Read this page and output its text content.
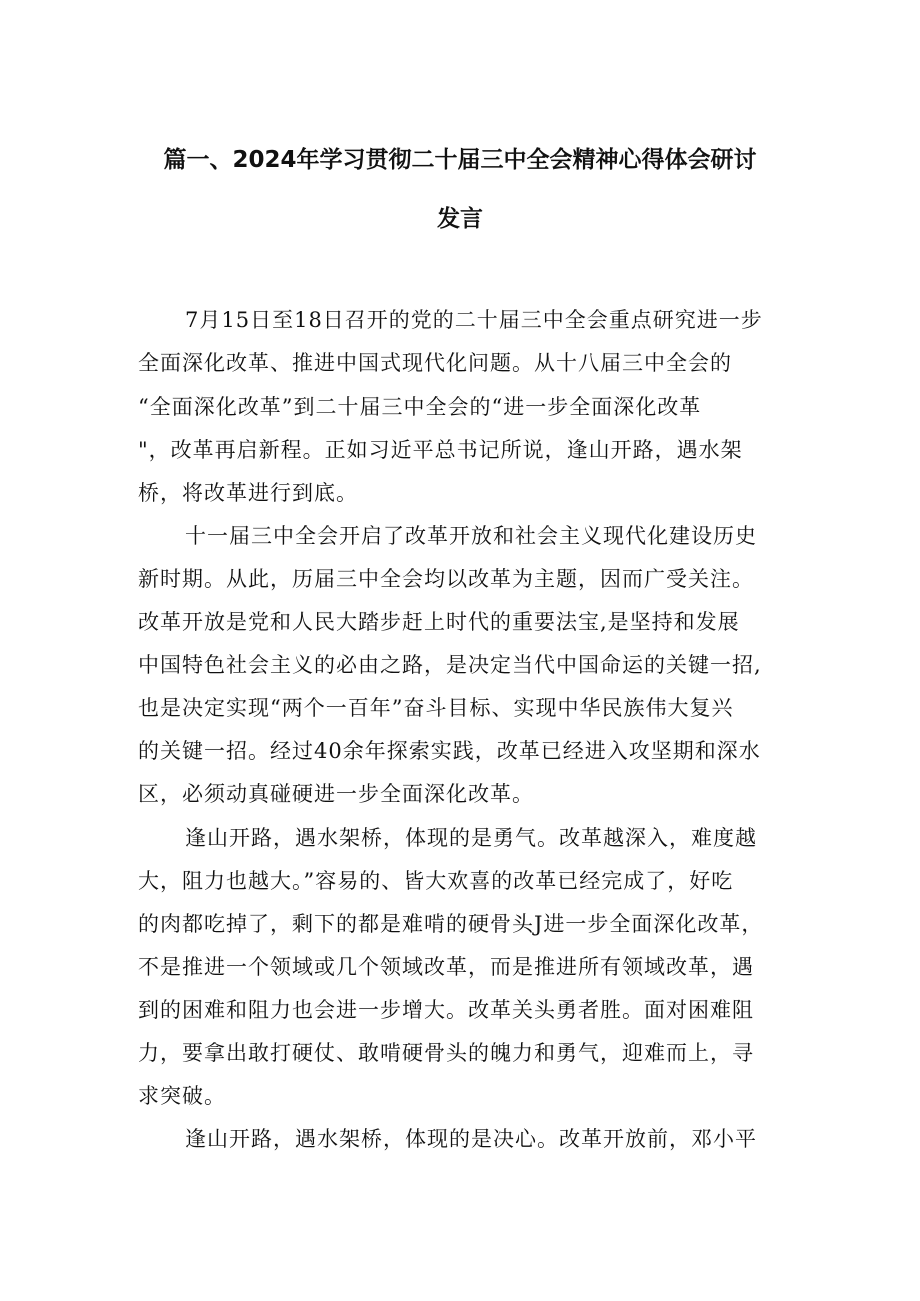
篇一、2024年学习贯彻二十届三中全会精神心得体会研讨
发言
7月15日至18日召开的党的二十届三中全会重点研究进一步
全面深化改革、推进中国式现代化问题。从十八届三中全会的
“全面深化改革”到二十届三中全会的“进一步全面深化改革
"，改革再启新程。正如习近平总书记所说，逢山开路，遇水架
桥，将改革进行到底。
十一届三中全会开启了改革开放和社会主义现代化建设历史
新时期。从此，历届三中全会均以改革为主题，因而广受关注。
改革开放是党和人民大踏步赶上时代的重要法宝,是坚持和发展
中国特色社会主义的必由之路，是决定当代中国命运的关键一招,
也是决定实现“两个一百年”奋斗目标、实现中华民族伟大复兴
的关键一招。经过40余年探索实践，改革已经进入攻坚期和深水
区，必须动真碰硬进一步全面深化改革。
逢山开路，遇水架桥，体现的是勇气。改革越深入，难度越
大，阻力也越大。”容易的、皆大欢喜的改革已经完成了，好吃
的肉都吃掉了，剩下的都是难啃的硬骨头J进一步全面深化改革，
不是推进一个领域或几个领域改革，而是推进所有领域改革，遇
到的困难和阻力也会进一步增大。改革关头勇者胜。面对困难阻
力，要拿出敢打硬仗、敢啃硬骨头的魄力和勇气，迎难而上，寻
求突破。
逢山开路，遇水架桥，体现的是决心。改革开放前，邓小平
